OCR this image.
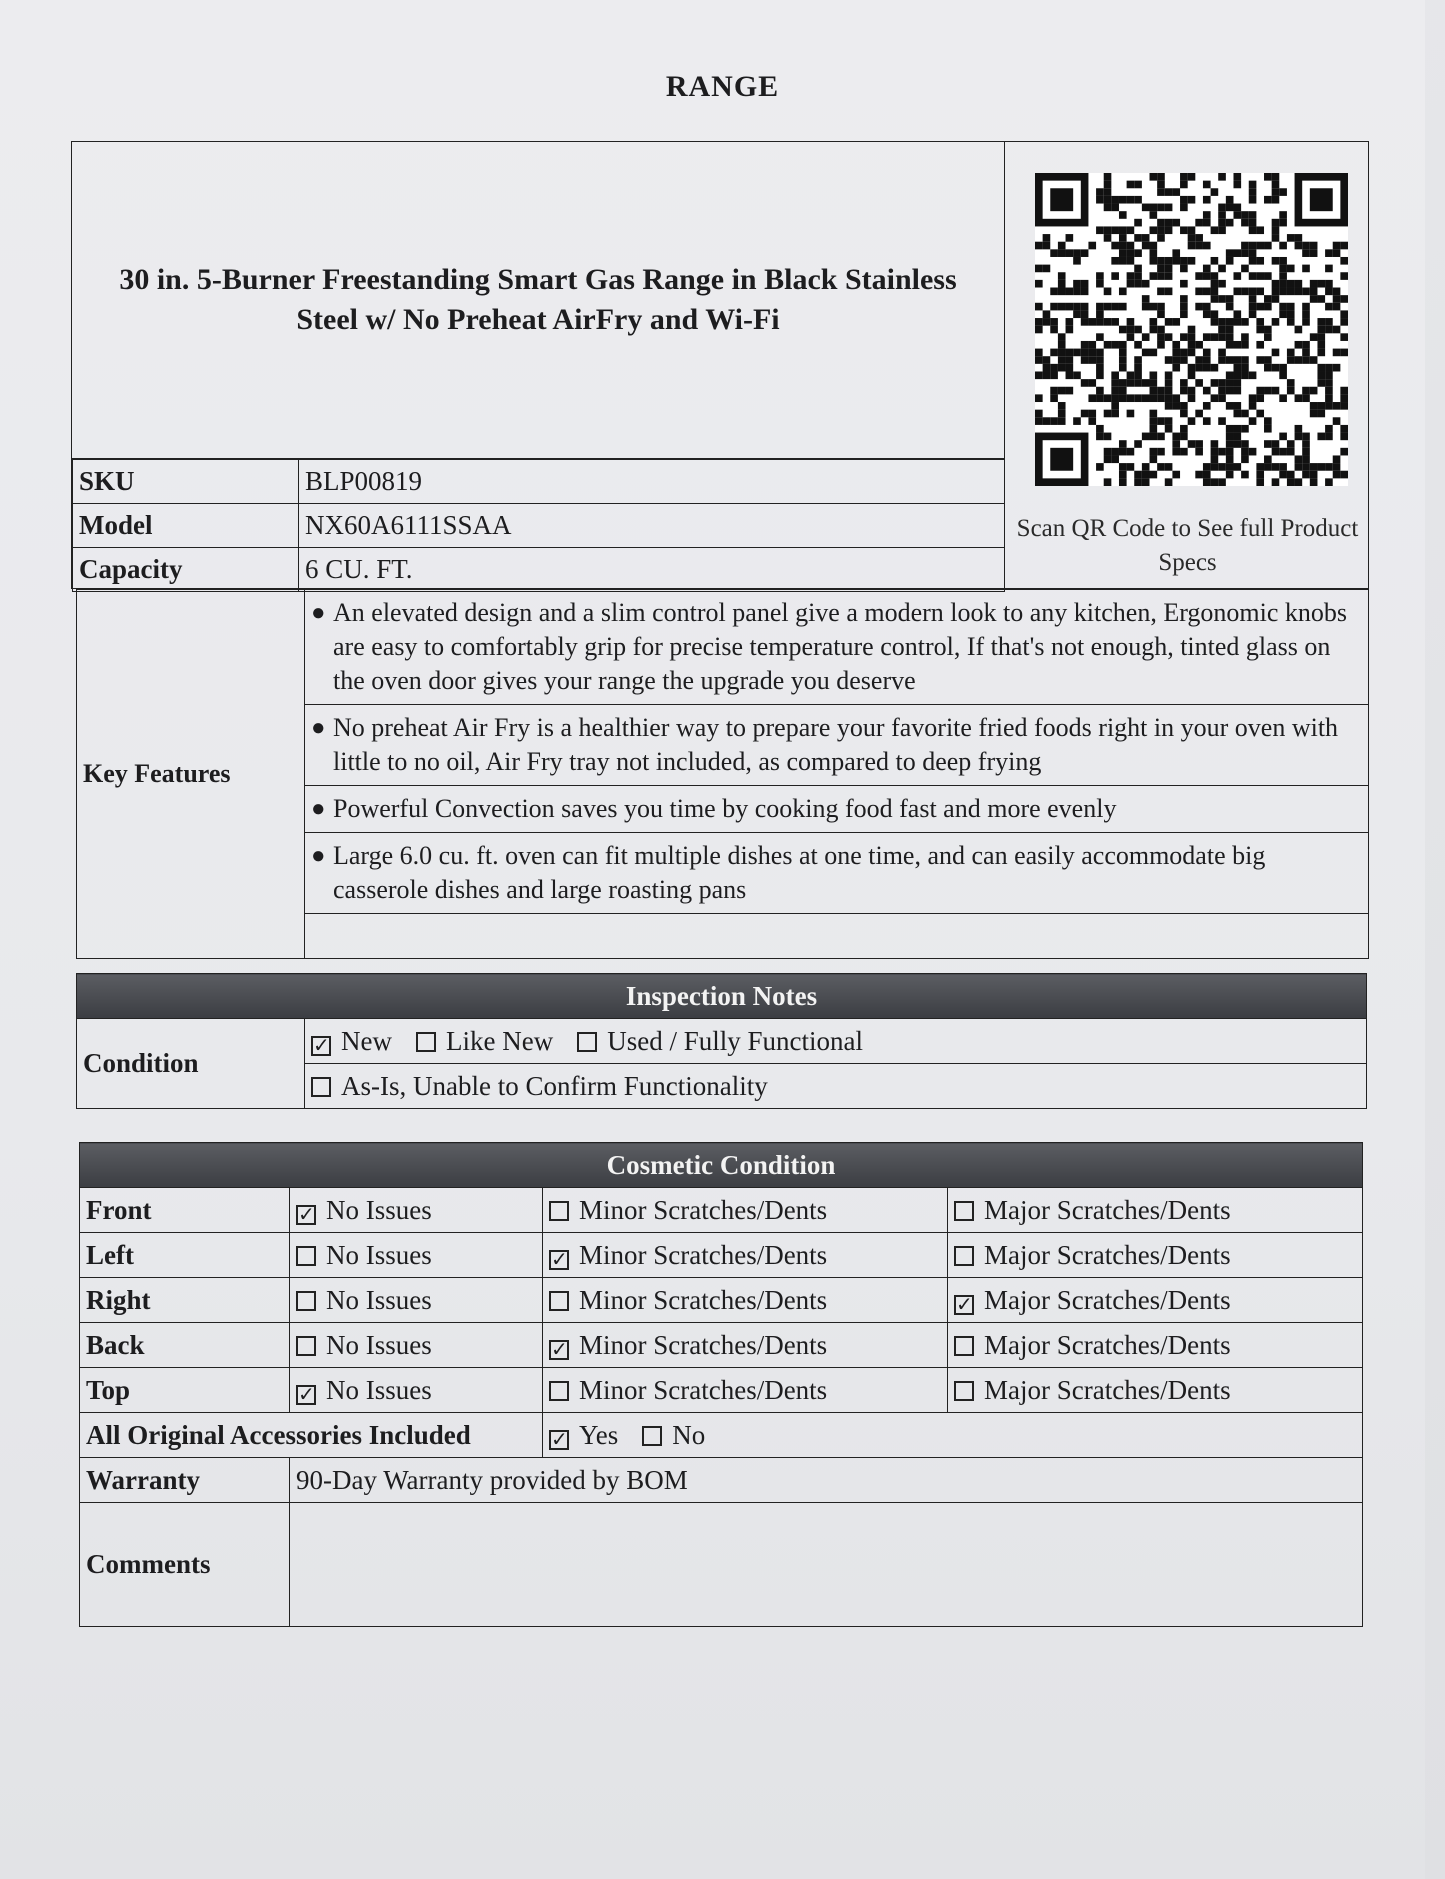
RANGE
30 in. 5-Burner Freestanding Smart Gas Range in Black Stainless Steel w/ No Preheat AirFry and Wi-Fi
Scan QR Code to See full Product Specs
SKU	BLP00819
Model	NX60A6111SSAA
Capacity	6 CU. FT.
Key Features	
● An elevated design and a slim control panel give a modern look to any kitchen, Ergonomic knobs are easy to comfortably grip for precise temperature control, If that's not enough, tinted glass on the oven door gives your range the upgrade you deserve

● No preheat Air Fry is a healthier way to prepare your favorite fried foods right in your oven with little to no oil, Air Fry tray not included, as compared to deep frying

● Powerful Convection saves you time by cooking food fast and more evenly

● Large 6.0 cu. ft. oven can fit multiple dishes at one time, and can easily accommodate big casserole dishes and large roasting pans

Inspection Notes
Condition	✓ New Like New Used / Fully Functional
As-Is, Unable to Confirm Functionality
Cosmetic Condition			
Front	✓ No Issues	Minor Scratches/Dents	Major Scratches/Dents
Left	No Issues	✓ Minor Scratches/Dents	Major Scratches/Dents
Right	No Issues	Minor Scratches/Dents	✓ Major Scratches/Dents
Back	No Issues	✓ Minor Scratches/Dents	Major Scratches/Dents
Top	✓ No Issues	Minor Scratches/Dents	Major Scratches/Dents
All Original Accessories Included		✓ Yes No	
Warranty	90-Day Warranty provided by BOM		
Comments			
